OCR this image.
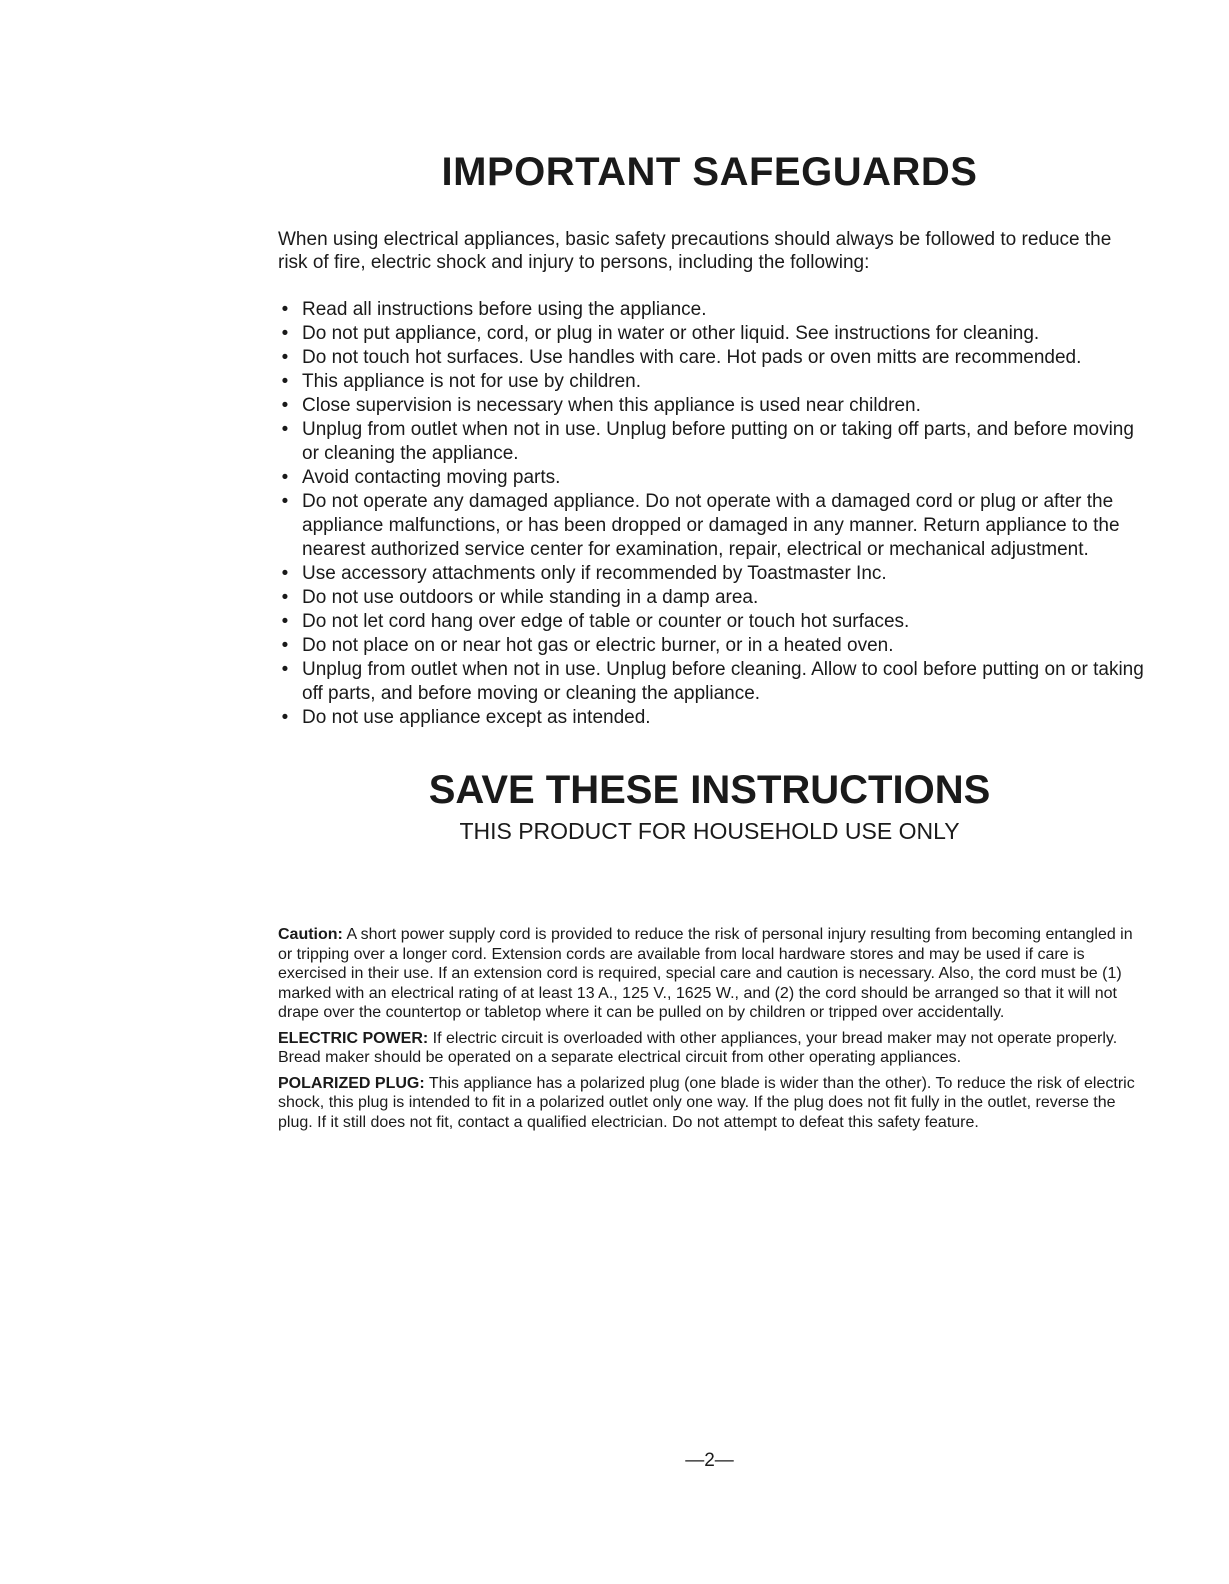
IMPORTANT SAFEGUARDS

When using electrical appliances, basic safety precautions should always be followed to reduce the risk of fire, electric shock and injury to persons, including the following:

• Read all instructions before using the appliance.
• Do not put appliance, cord, or plug in water or other liquid. See instructions for cleaning.
• Do not touch hot surfaces. Use handles with care. Hot pads or oven mitts are recommended.
• This appliance is not for use by children.
• Close supervision is necessary when this appliance is used near children.
• Unplug from outlet when not in use. Unplug before putting on or taking off parts, and before moving or cleaning the appliance.
• Avoid contacting moving parts.
• Do not operate any damaged appliance. Do not operate with a damaged cord or plug or after the appliance malfunctions, or has been dropped or damaged in any manner. Return appliance to the nearest authorized service center for examination, repair, electrical or mechanical adjustment.
• Use accessory attachments only if recommended by Toastmaster Inc.
• Do not use outdoors or while standing in a damp area.
• Do not let cord hang over edge of table or counter or touch hot surfaces.
• Do not place on or near hot gas or electric burner, or in a heated oven.
• Unplug from outlet when not in use. Unplug before cleaning. Allow to cool before putting on or taking off parts, and before moving or cleaning the appliance.
• Do not use appliance except as intended.
SAVE THESE INSTRUCTIONS

THIS PRODUCT FOR HOUSEHOLD USE ONLY

Caution: A short power supply cord is provided to reduce the risk of personal injury resulting from becoming entangled in or tripping over a longer cord. Extension cords are available from local hardware stores and may be used if care is exercised in their use. If an extension cord is required, special care and caution is necessary. Also, the cord must be (1) marked with an electrical rating of at least 13 A., 125 V., 1625 W., and (2) the cord should be arranged so that it will not drape over the countertop or tabletop where it can be pulled on by children or tripped over accidentally.

ELECTRIC POWER: If electric circuit is overloaded with other appliances, your bread maker may not operate properly. Bread maker should be operated on a separate electrical circuit from other operating appliances.

POLARIZED PLUG: This appliance has a polarized plug (one blade is wider than the other). To reduce the risk of electric shock, this plug is intended to fit in a polarized outlet only one way. If the plug does not fit fully in the outlet, reverse the plug. If it still does not fit, contact a qualified electrician. Do not attempt to defeat this safety feature.

—2—
